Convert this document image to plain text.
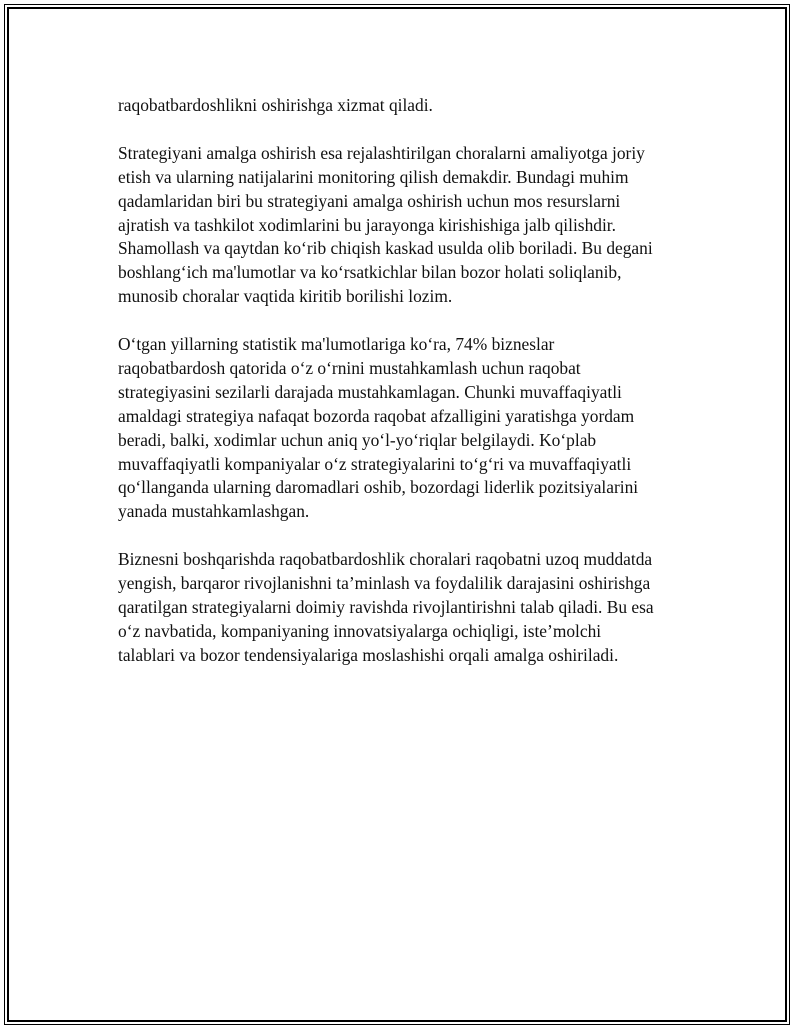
raqobatbardoshlikni oshirishga xizmat qiladi.

Strategiyani amalga oshirish esa rejalashtirilgan choralarni amaliyotga joriy
etish va ularning natijalarini monitoring qilish demakdir. Bundagi muhim
qadamlaridan biri bu strategiyani amalga oshirish uchun mos resurslarni
ajratish va tashkilot xodimlarini bu jarayonga kirishishiga jalb qilishdir.
Shamollash va qaytdan ko‘rib chiqish kaskad usulda olib boriladi. Bu degani
boshlang‘ich ma'lumotlar va ko‘rsatkichlar bilan bozor holati soliqlanib,
munosib choralar vaqtida kiritib borilishi lozim.

O‘tgan yillarning statistik ma'lumotlariga ko‘ra, 74% bizneslar
raqobatbardosh qatorida o‘z o‘rnini mustahkamlash uchun raqobat
strategiyasini sezilarli darajada mustahkamlagan. Chunki muvaffaqiyatli
amaldagi strategiya nafaqat bozorda raqobat afzalligini yaratishga yordam
beradi, balki, xodimlar uchun aniq yo‘l-yo‘riqlar belgilaydi. Ko‘plab
muvaffaqiyatli kompaniyalar o‘z strategiyalarini to‘g‘ri va muvaffaqiyatli
qo‘llanganda ularning daromadlari oshib, bozordagi liderlik pozitsiyalarini
yanada mustahkamlashgan.

Biznesni boshqarishda raqobatbardoshlik choralari raqobatni uzoq muddatda
yengish, barqaror rivojlanishni ta’minlash va foydalilik darajasini oshirishga
qaratilgan strategiyalarni doimiy ravishda rivojlantirishni talab qiladi. Bu esa
o‘z navbatida, kompaniyaning innovatsiyalarga ochiqligi, iste’molchi
talablari va bozor tendensiyalariga moslashishi orqali amalga oshiriladi.
